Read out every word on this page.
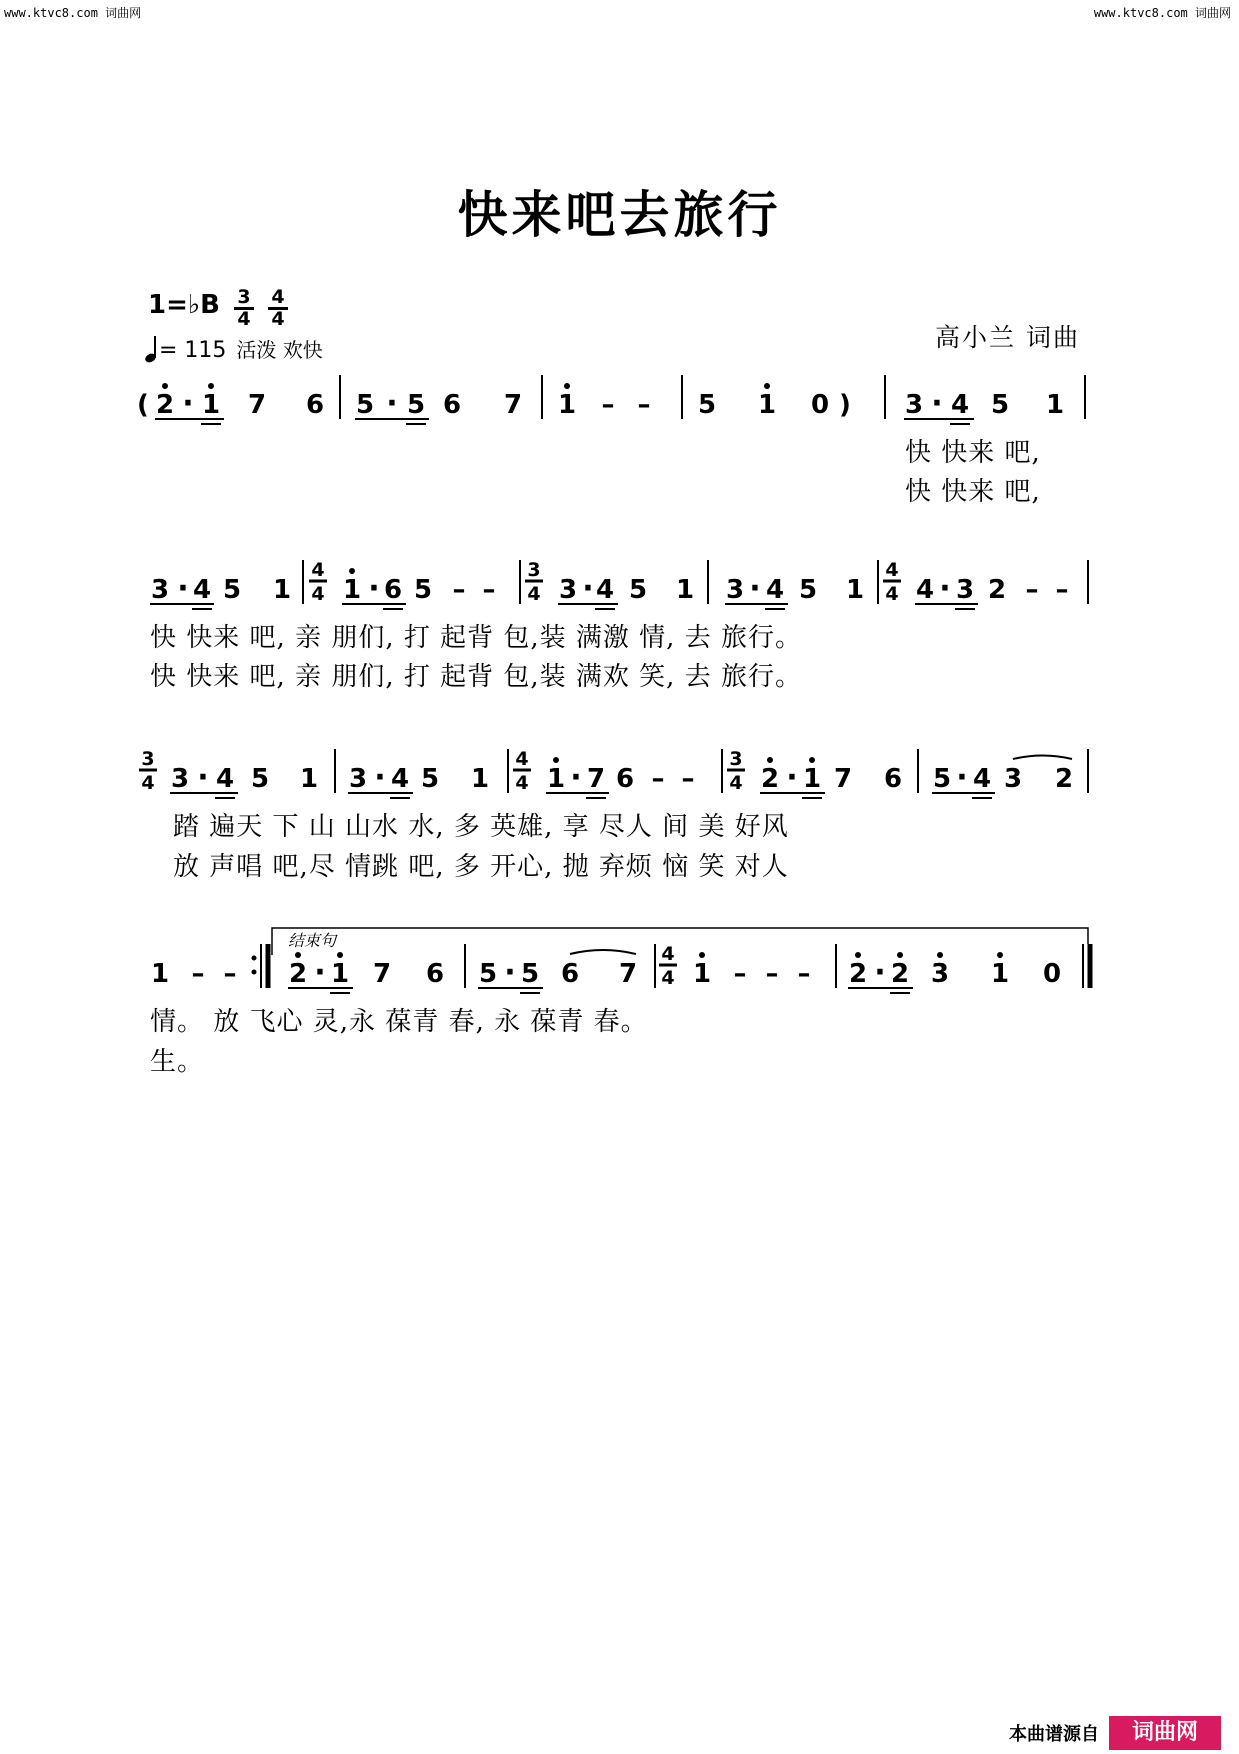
www.ktvc8.com 词曲网	www.ktvc8.com 词曲网
快来吧去旅行
1=♭B 3
4
4
4
= 115 活泼 欢快	高小兰 词曲
结束句
( 2 · 1 7 6 5 · 5 6 7 1 – – 5 1 0 ) 3 · 4 5 1
3 · 4 5 1
4
4 1 · 6 5 – –
3
4 3 · 4 5 1 3 · 4 5 1
4
4 4 · 3 2 – –
3
4 3 · 4 5 1 3 · 4 5 1
4
4 1 · 7 6 – –
3
4 2 · 1 7 6 5 · 4 3 2
1 – – 2 · 1 7 6 5 · 5 6 7
4
4 1 – – – 2 · 2 3 1 0
本曲谱源自	词曲网
快 快来 吧,
快 快来 吧,
快 快来 吧, 亲 朋们, 打 起背 包,装 满激 情, 去 旅行。
快 快来 吧, 亲 朋们, 打 起背 包,装 满欢 笑, 去 旅行。
踏 遍天 下 山 山水 水, 多 英雄, 享 尽人 间 美 好风
放 声唱 吧,尽 情跳 吧, 多 开心, 抛 弃烦 恼 笑 对人
情。 放 飞心 灵,永 葆青 春, 永 葆青 春。
生。
